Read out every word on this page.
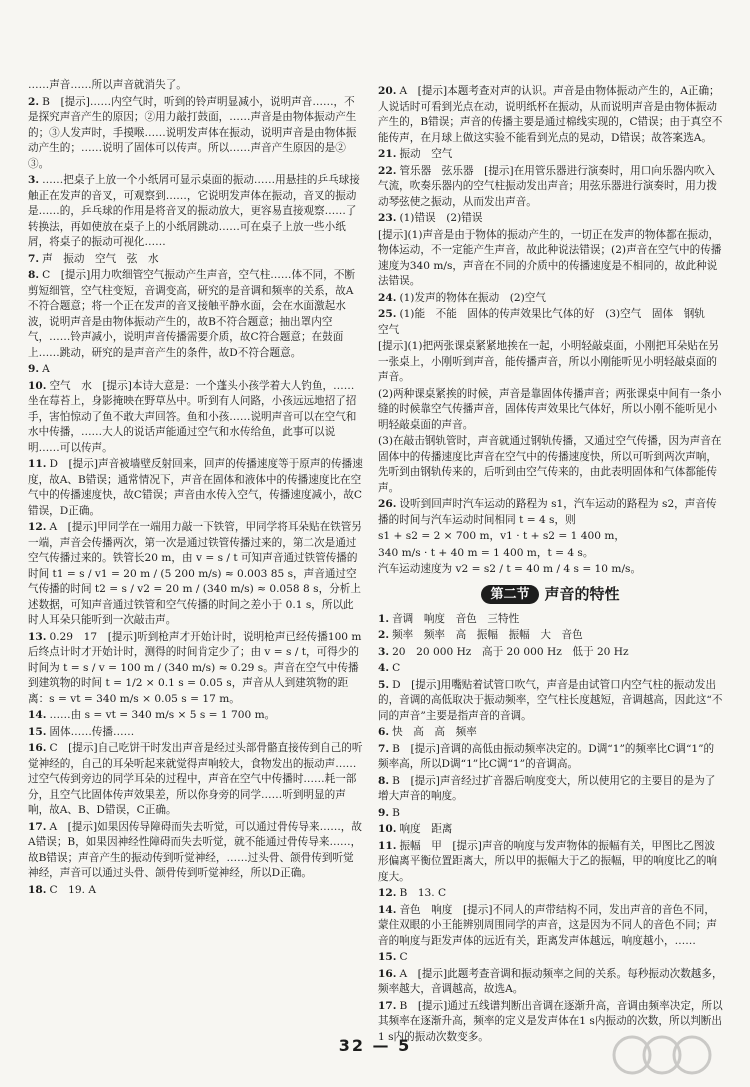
……声音……所以声音就消失了。
2. B　[提示]……内空气时，听到的铃声明显减小，说明声音……，不是探究声音产生的原因；②用力敲打鼓面，……声音是由物体振动产生的；③人发声时，手摸喉……说明发声体在振动，说明声音是由物体振动产生的；……说明了固体可以传声。所以……声音产生原因的是②③。
3. ……把桌子上放一个小纸屑可显示桌面的振动……用悬挂的乒乓球接触正在发声的音叉，可观察到……，它说明发声体在振动，音叉的振动是……的，乒乓球的作用是将音叉的振动放大，更容易直接观察……了转换法，再如使放在桌子上的小纸屑跳动……可在桌子上放一些小纸屑，将桌子的振动可视化……
7. 声　振动　空气　弦　水
8. C　[提示]用力吹细管空气振动产生声音，空气柱……体不同，不断剪短细管，空气柱变短，音调变高，研究的是音调和频率的关系，故A不符合题意；将一个正在发声的音叉接触平静水面，会在水面激起水波，说明声音是由物体振动产生的，故B不符合题意；抽出罩内空气，……铃声减小，说明声音传播需要介质，故C符合题意；在鼓面上……跳动，研究的是声音产生的条件，故D不符合题意。
9. A
10. 空气　水　[提示]本诗大意是：一个蓬头小孩学着大人钓鱼，……坐在莓苔上，身影掩映在野草丛中。听到有人问路，小孩远远地招了招手，害怕惊动了鱼不敢大声回答。鱼和小孩……说明声音可以在空气和水中传播，……大人的说话声能通过空气和水传给鱼，此事可以说明……可以传声。
11. D　[提示]声音被墙壁反射回来，回声的传播速度等于原声的传播速度，故A、B错误；通常情况下，声音在固体和液体中的传播速度比在空气中的传播速度快，故C错误；声音由水传入空气，传播速度减小，故C错误，D正确。
12. A　[提示]甲同学在一端用力敲一下铁管，甲同学将耳朵贴在铁管另一端，声音会传播两次，第一次是通过铁管传播过来的，第二次是通过空气传播过来的。铁管长20 m，由 v = s / t 可知声音通过铁管传播的时间 t1 = s / v1 = 20 m / (5 200 m/s) ≈ 0.003 85 s，声音通过空气传播的时间 t2 = s / v2 = 20 m / (340 m/s) ≈ 0.058 8 s，分析上述数据，可知声音通过铁管和空气传播的时间之差小于 0.1 s，所以此时人耳朵只能听到一次敲击声。
13. 0.29　17　[提示]听到枪声才开始计时，说明枪声已经传播100 m后终点计时才开始计时，测得的时间肯定少了；由 v = s / t，可得少的时间为 t = s / v = 100 m / (340 m/s) ≈ 0.29 s。声音在空气中传播到建筑物的时间 t = 1/2 × 0.1 s = 0.05 s，声音从人到建筑物的距离：s = vt = 340 m/s × 0.05 s = 17 m。
14. ……由 s = vt = 340 m/s × 5 s = 1 700 m。
15. 固体……传播……
16. C　[提示]自己吃饼干时发出声音是经过头部骨骼直接传到自己的听觉神经的，自己的耳朵听起来就觉得声响较大，食物发出的振动声……过空气传到旁边的同学耳朵的过程中，声音在空气中传播时……耗一部分，且空气比固体传声效果差，所以你身旁的同学……听到明显的声响，故A、B、D错误，C正确。
17. A　[提示]如果因传导障碍而失去听觉，可以通过骨传导来……，故A错误；B，如果因神经性障碍而失去听觉，就不能通过骨传导来……，故B错误；声音产生的振动传到听觉神经，……过头骨、颌骨传到听觉神经，声音可以通过头骨、颌骨传到听觉神经，所以D正确。
18. C　19. A
20. A　[提示]本题考查对声的认识。声音是由物体振动产生的，A正确；人说话时可看到光点在动，说明纸杯在振动，从而说明声音是由物体振动产生的，B错误；声音的传播主要是通过棉线实现的，C错误；由于真空不能传声，在月球上做这实验不能看到光点的晃动，D错误；故答案选A。
21. 振动　空气
22. 管乐器　弦乐器　[提示]在用管乐器进行演奏时，用口向乐器内吹入气流，吹奏乐器内的空气柱振动发出声音；用弦乐器进行演奏时，用力拨动琴弦使之振动，从而发出声音。
23. (1)错误　(2)错误
[提示](1)声音是由于物体的振动产生的，一切正在发声的物体都在振动，物体运动，不一定能产生声音，故此种说法错误；(2)声音在空气中的传播速度为340 m/s，声音在不同的介质中的传播速度是不相同的，故此种说法错误。
24. (1)发声的物体在振动　(2)空气
25. (1)能　不能　固体的传声效果比气体的好　(3)空气　固体　钢轨　空气
[提示](1)把两张课桌紧紧地挨在一起，小明轻敲桌面，小刚把耳朵贴在另一张桌上，小刚听到声音，能传播声音，所以小刚能听见小明轻敲桌面的声音。
(2)两种课桌紧挨的时候，声音是靠固体传播声音；两张课桌中间有一条小缝的时候靠空气传播声音，固体传声效果比气体好，所以小刚不能听见小明轻敲桌面的声音。
(3)在敲击钢轨管时，声音就通过钢轨传播，又通过空气传播，因为声音在固体中的传播速度比声音在空气中的传播速度快，所以可听到两次声响，先听到由钢轨传来的，后听到由空气传来的，由此表明固体和气体都能传声。
26. 设听到回声时汽车运动的路程为 s1，汽车运动的路程为 s2，声音传播的时间与汽车运动时间相同 t = 4 s，则
s1 + s2 = 2 × 700 m，v1 · t + s2 = 1 400 m，
340 m/s · t + 40 m = 1 400 m，t = 4 s。
汽车运动速度为 v2 = s2 / t = 40 m / 4 s = 10 m/s。
第二节	声音的特性
1. 音调　响度　音色　三特性
2. 频率　频率　高　振幅　振幅　大　音色
3. 20　20 000 Hz　高于 20 000 Hz　低于 20 Hz
4. C
5. D　[提示]用嘴贴着试管口吹气，声音是由试管口内空气柱的振动发出的，音调的高低取决于振动频率，空气柱长度越短，音调越高，因此这“不同的声音”主要是指声音的音调。
6. 快　高　高　频率
7. B　[提示]音调的高低由振动频率决定的。D调“1”的频率比C调“1”的频率高，所以D调“1”比C调“1”的音调高。
8. B　[提示]声音经过扩音器后响度变大，所以使用它的主要目的是为了增大声音的响度。
9. B
10. 响度　距离
11. 振幅　甲　[提示]声音的响度与发声物体的振幅有关，甲图比乙图波形偏离平衡位置距离大，所以甲的振幅大于乙的振幅，甲的响度比乙的响度大。
12. B　13. C
14. 音色　响度　[提示]不同人的声带结构不同，发出声音的音色不同，蒙住双眼的小王能辨别周围同学的声音，这是因为不同人的音色不同；声音的响度与距发声体的远近有关，距离发声体越远，响度越小，……
15. C
16. A　[提示]此题考查音调和振动频率之间的关系。每秒振动次数越多，频率越大，音调越高，故选A。
17. B　[提示]通过五线谱判断出音调在逐渐升高，音调由频率决定，所以其频率在逐渐升高，频率的定义是发声体在1 s内振动的次数，所以判断出1 s内的振动次数变多。
32 — 5
